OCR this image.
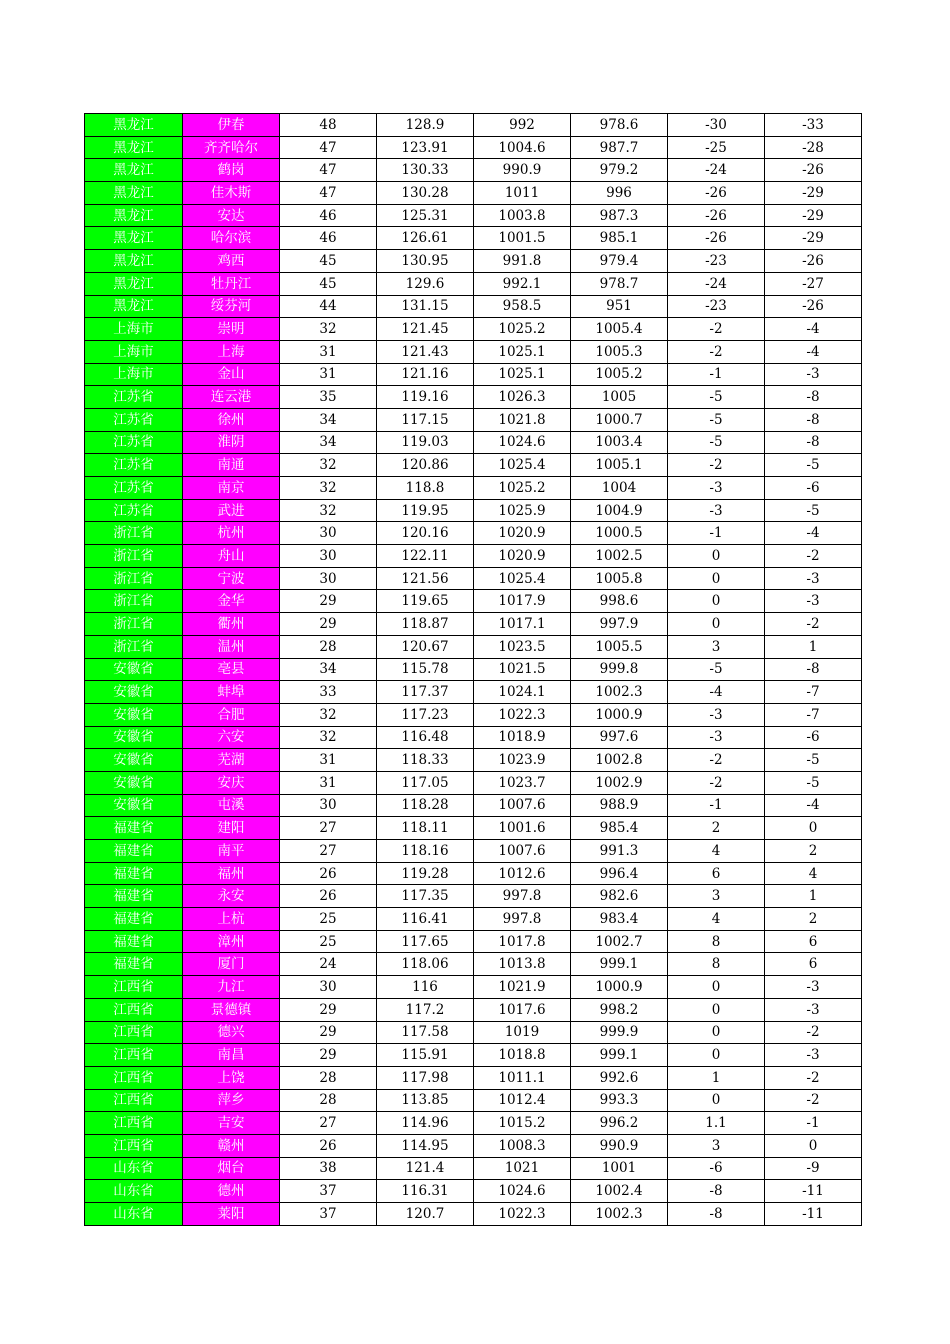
黑龙江	伊春	48	128.9	992	978.6	-30	-33
黑龙江	齐齐哈尔	47	123.91	1004.6	987.7	-25	-28
黑龙江	鹤岗	47	130.33	990.9	979.2	-24	-26
黑龙江	佳木斯	47	130.28	1011	996	-26	-29
黑龙江	安达	46	125.31	1003.8	987.3	-26	-29
黑龙江	哈尔滨	46	126.61	1001.5	985.1	-26	-29
黑龙江	鸡西	45	130.95	991.8	979.4	-23	-26
黑龙江	牡丹江	45	129.6	992.1	978.7	-24	-27
黑龙江	绥芬河	44	131.15	958.5	951	-23	-26
上海市	崇明	32	121.45	1025.2	1005.4	-2	-4
上海市	上海	31	121.43	1025.1	1005.3	-2	-4
上海市	金山	31	121.16	1025.1	1005.2	-1	-3
江苏省	连云港	35	119.16	1026.3	1005	-5	-8
江苏省	徐州	34	117.15	1021.8	1000.7	-5	-8
江苏省	淮阴	34	119.03	1024.6	1003.4	-5	-8
江苏省	南通	32	120.86	1025.4	1005.1	-2	-5
江苏省	南京	32	118.8	1025.2	1004	-3	-6
江苏省	武进	32	119.95	1025.9	1004.9	-3	-5
浙江省	杭州	30	120.16	1020.9	1000.5	-1	-4
浙江省	舟山	30	122.11	1020.9	1002.5	0	-2
浙江省	宁波	30	121.56	1025.4	1005.8	0	-3
浙江省	金华	29	119.65	1017.9	998.6	0	-3
浙江省	衢州	29	118.87	1017.1	997.9	0	-2
浙江省	温州	28	120.67	1023.5	1005.5	3	1
安徽省	亳县	34	115.78	1021.5	999.8	-5	-8
安徽省	蚌埠	33	117.37	1024.1	1002.3	-4	-7
安徽省	合肥	32	117.23	1022.3	1000.9	-3	-7
安徽省	六安	32	116.48	1018.9	997.6	-3	-6
安徽省	芜湖	31	118.33	1023.9	1002.8	-2	-5
安徽省	安庆	31	117.05	1023.7	1002.9	-2	-5
安徽省	屯溪	30	118.28	1007.6	988.9	-1	-4
福建省	建阳	27	118.11	1001.6	985.4	2	0
福建省	南平	27	118.16	1007.6	991.3	4	2
福建省	福州	26	119.28	1012.6	996.4	6	4
福建省	永安	26	117.35	997.8	982.6	3	1
福建省	上杭	25	116.41	997.8	983.4	4	2
福建省	漳州	25	117.65	1017.8	1002.7	8	6
福建省	厦门	24	118.06	1013.8	999.1	8	6
江西省	九江	30	116	1021.9	1000.9	0	-3
江西省	景德镇	29	117.2	1017.6	998.2	0	-3
江西省	德兴	29	117.58	1019	999.9	0	-2
江西省	南昌	29	115.91	1018.8	999.1	0	-3
江西省	上饶	28	117.98	1011.1	992.6	1	-2
江西省	萍乡	28	113.85	1012.4	993.3	0	-2
江西省	吉安	27	114.96	1015.2	996.2	1.1	-1
江西省	赣州	26	114.95	1008.3	990.9	3	0
山东省	烟台	38	121.4	1021	1001	-6	-9
山东省	德州	37	116.31	1024.6	1002.4	-8	-11
山东省	莱阳	37	120.7	1022.3	1002.3	-8	-11
